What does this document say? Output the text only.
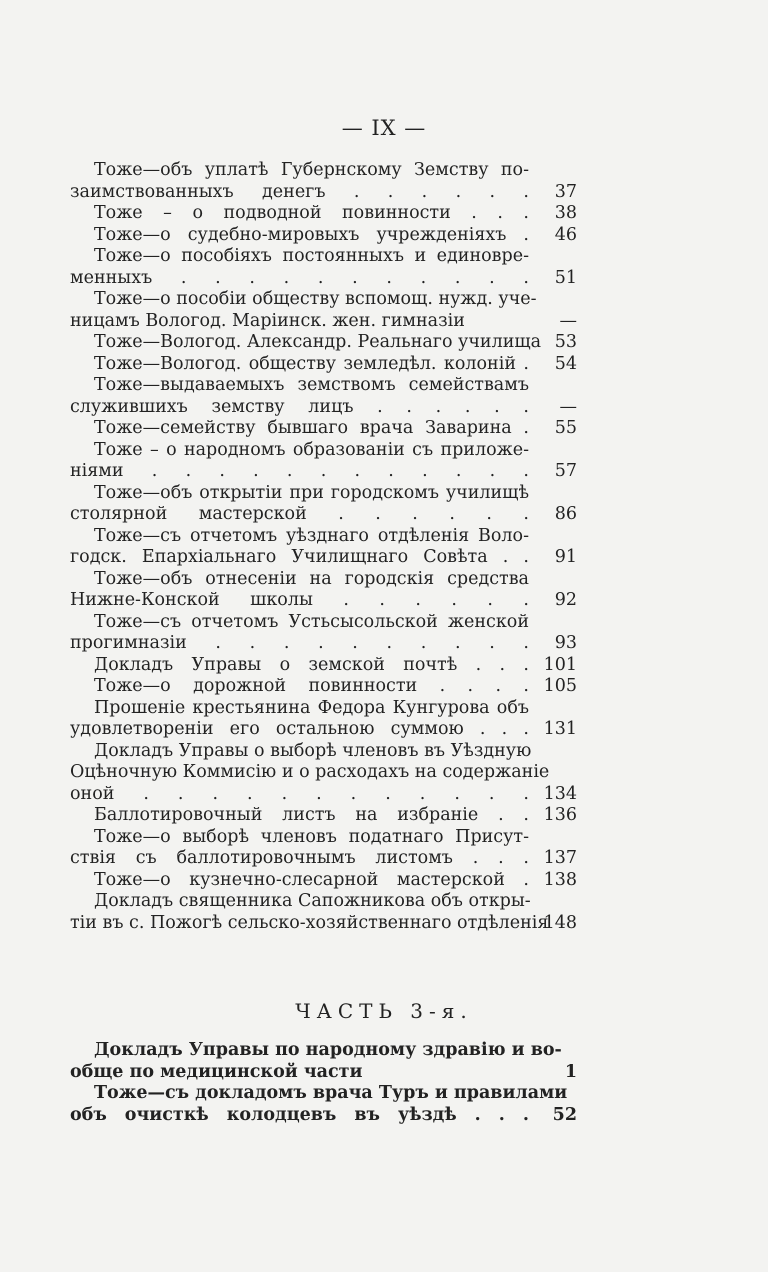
— IX —
Тоже—объ уплатѣ Губернскому Земству по-
заимствованныхъ денегъ . . . . . .	37
Тоже – о подводной повинности . . .	38
Тоже—о судебно-мировыхъ учрежденiяхъ .	46
Тоже—о пособiяхъ постоянныхъ и единовре-
менныхъ . . . . . . . . . . .	51
Тоже—о пособiи обществу вспомощ. нужд. уче-
ницамъ Вологод. Марiинск. жен. гимназiи	—
Тоже—Вологод. Александр. Реальнаго училища 53
Тоже—Вологод. обществу земледѣл. колонiй .	54
Тоже—выдаваемыхъ земствомъ семействамъ
служившихъ земству лицъ . . . . . .	—
Тоже—семейству бывшаго врача Заварина .	55
Тоже – о народномъ образованiи съ приложе-
нiями . . . . . . . . . . . .	57
Тоже—объ открытiи при городскомъ училищѣ
столярной мастерской . . . . . .	86
Тоже—съ отчетомъ уѣзднаго отдѣленiя Воло-
годск. Епархiальнаго Училищнаго Совѣта . .	91
Тоже—объ отнесенiи на городскiя средства
Нижне-Конской школы . . . . . .	92
Тоже—съ отчетомъ Устьсысольской женской
прогимназiи . . . . . . . . . .	93
Докладъ Управы о земской почтѣ . . . 101
Тоже—о дорожной повинности . . . . 105
Прошенiе крестьянина Федора Кунгурова объ
удовлетворенiи его остальною суммою . . . 131
Докладъ Управы о выборѣ членовъ въ Уѣздную
Оцѣночную Коммисiю и о расходахъ на содержанiе
оной . . . . . . . . . . . . 134
Баллотировочный листъ на избранiе . . 136
Тоже—о выборѣ членовъ податнаго Присут-
ствiя съ баллотировочнымъ листомъ . . . 137
Тоже—о кузнечно-слесарной мастерской . 138
Докладъ священника Сапожникова объ откры-
тiи въ с. Пожогѣ сельско-хозяйственнаго отдѣленiя
148
ЧАСТЬ 3-я.
Докладъ Управы по народному здравiю и во-
обще по медицинской части	1
Тоже—съ докладомъ врача Туръ и правилами
объ очисткѣ колодцевъ въ уѣздѣ . . .	52
